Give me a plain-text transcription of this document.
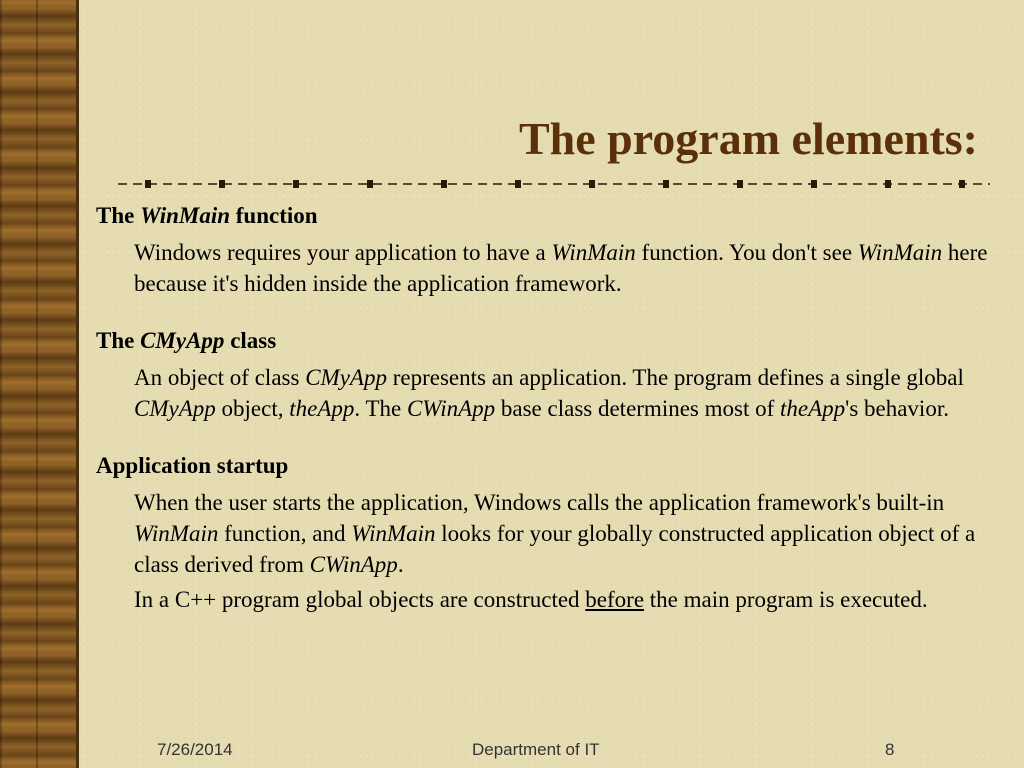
The program elements:

The WinMain function

Windows requires your application to have a WinMain function. You don't see WinMain here because it's hidden inside the application framework.

The CMyApp class

An object of class CMyApp represents an application. The program defines a single global CMyApp object, theApp. The CWinApp base class determines most of theApp's behavior.

Application startup

When the user starts the application, Windows calls the application framework's built-in WinMain function, and WinMain looks for your globally constructed application object of a class derived from CWinApp.

In a C++ program global objects are constructed before the main program is executed.

7/26/2014	Department of IT	8
